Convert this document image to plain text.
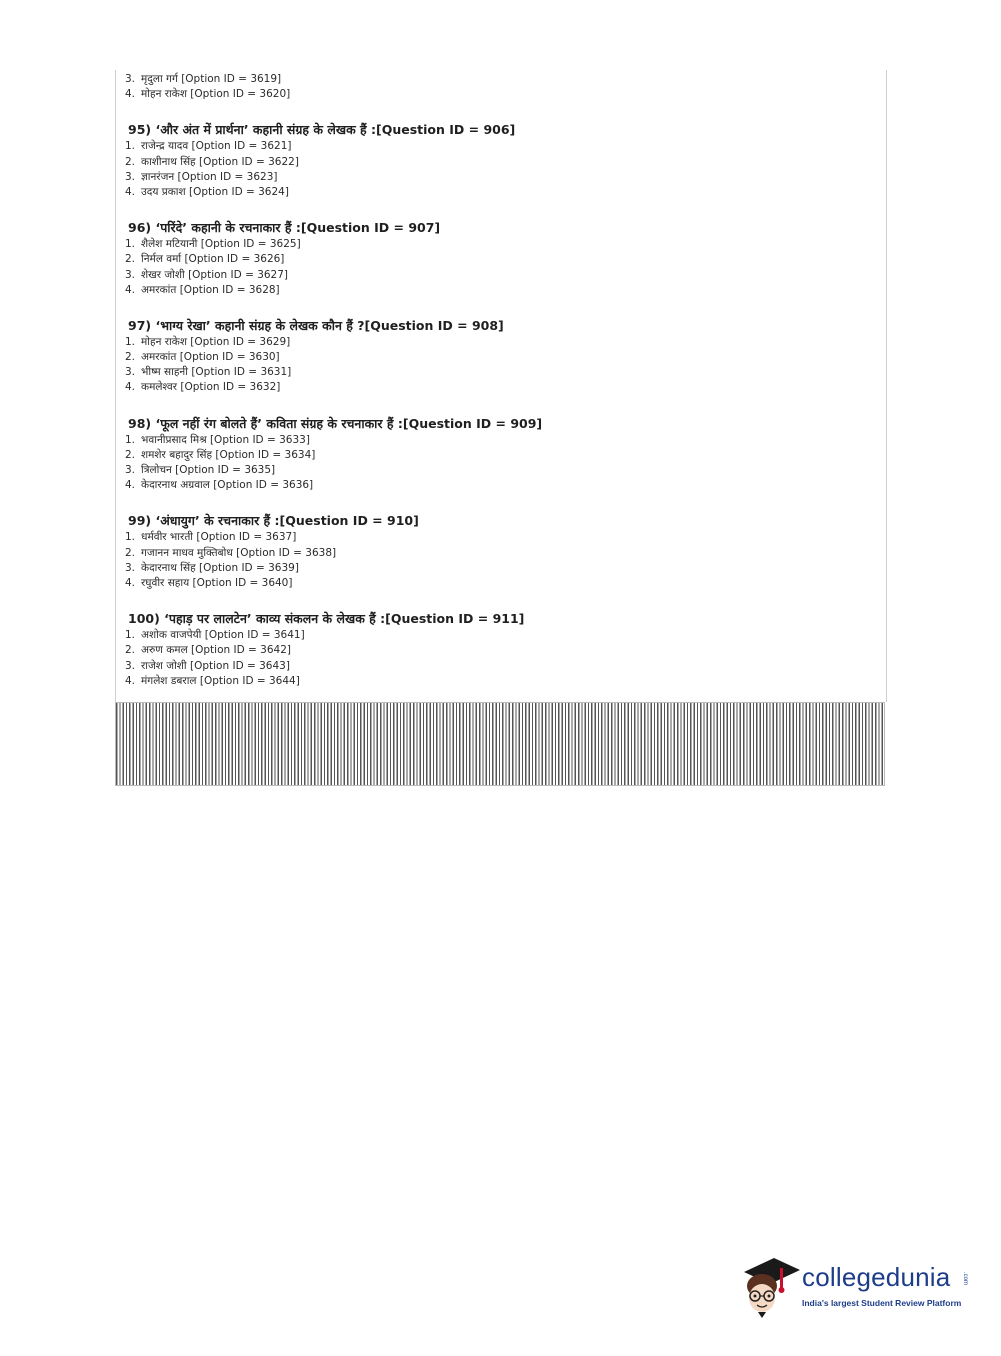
3. मृदुला गर्ग [Option ID = 3619]
4. मोहन राकेश [Option ID = 3620]
95) ‘और अंत में प्रार्थना’ कहानी संग्रह के लेखक हैं :[Question ID = 906]
1. राजेन्द्र यादव [Option ID = 3621]
2. काशीनाथ सिंह [Option ID = 3622]
3. ज्ञानरंजन [Option ID = 3623]
4. उदय प्रकाश [Option ID = 3624]
96) ‘परिंदे’ कहानी के रचनाकार हैं :[Question ID = 907]
1. शैलेश मटियानी [Option ID = 3625]
2. निर्मल वर्मा [Option ID = 3626]
3. शेखर जोशी [Option ID = 3627]
4. अमरकांत [Option ID = 3628]
97) ‘भाग्य रेखा’ कहानी संग्रह के लेखक कौन हैं ?[Question ID = 908]
1. मोहन राकेश [Option ID = 3629]
2. अमरकांत [Option ID = 3630]
3. भीष्म साहनी [Option ID = 3631]
4. कमलेश्वर [Option ID = 3632]
98) ‘फूल नहीं रंग बोलते हैं’ कविता संग्रह के रचनाकार हैं :[Question ID = 909]
1. भवानीप्रसाद मिश्र [Option ID = 3633]
2. शमशेर बहादुर सिंह [Option ID = 3634]
3. त्रिलोचन [Option ID = 3635]
4. केदारनाथ अग्रवाल [Option ID = 3636]
99) ‘अंधायुग’ के रचनाकार हैं :[Question ID = 910]
1. धर्मवीर भारती [Option ID = 3637]
2. गजानन माधव मुक्तिबोध [Option ID = 3638]
3. केदारनाथ सिंह [Option ID = 3639]
4. रघुवीर सहाय [Option ID = 3640]
100) ‘पहाड़ पर लालटेन’ काव्य संकलन के लेखक हैं :[Question ID = 911]
1. अशोक वाजपेयी [Option ID = 3641]
2. अरुण कमल [Option ID = 3642]
3. राजेश जोशी [Option ID = 3643]
4. मंगलेश डबराल [Option ID = 3644]
collegedunia .com
India's largest Student Review Platform
